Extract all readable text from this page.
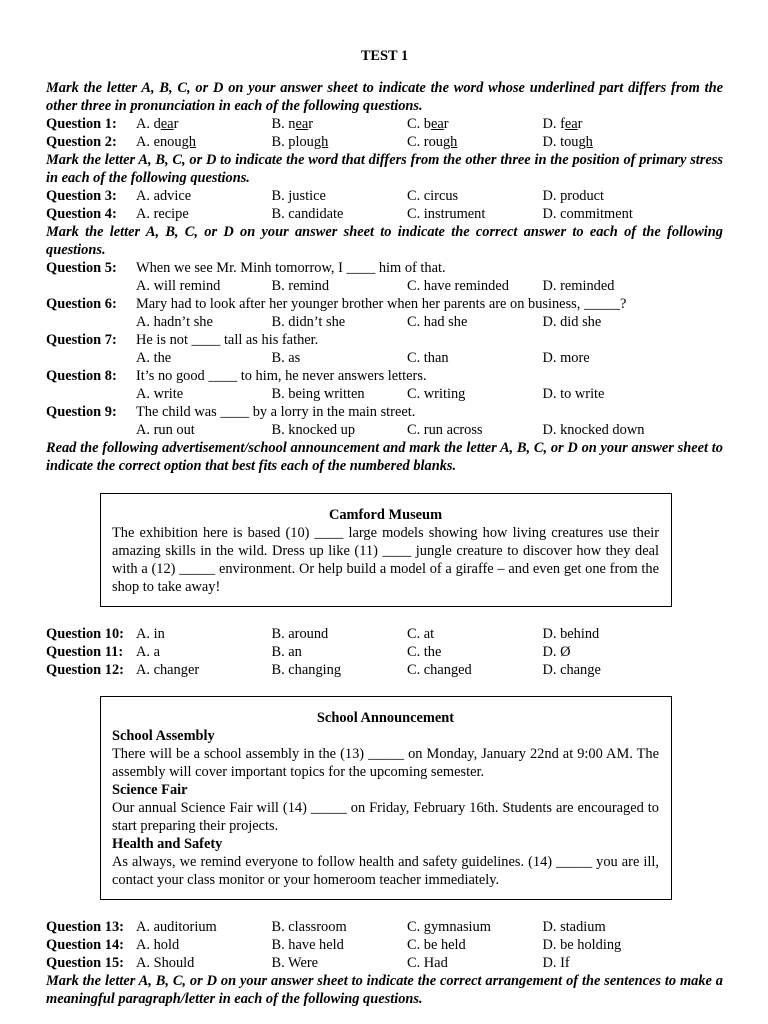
TEST 1
Mark the letter A, B, C, or D on your answer sheet to indicate the word whose underlined part differs from the other three in pronunciation in each of the following questions.
Question 1:	A. dear	B. near	C. bear	D. fear
Question 2:	A. enough	B. plough	C. rough	D. tough
Mark the letter A, B, C, or D to indicate the word that differs from the other three in the position of primary stress in each of the following questions.
Question 3:	A. advice	B. justice	C. circus	D. product
Question 4:	A. recipe	B. candidate	C. instrument	D. commitment
Mark the letter A, B, C, or D on your answer sheet to indicate the correct answer to each of the following questions.
Question 5:	When we see Mr. Minh tomorrow, I ____ him of that.
A. will remind	B. remind	C. have reminded	D. reminded
Question 6:	Mary had to look after her younger brother when her parents are on business, _____?
A. hadn’t she	B. didn’t she	C. had she	D. did she
Question 7:	He is not ____ tall as his father.
A. the	B. as	C. than	D. more
Question 8:	It’s no good ____ to him, he never answers letters.
A. write	B. being written	C. writing	D. to write
Question 9:	The child was ____ by a lorry in the main street.
A. run out	B. knocked up	C. run across	D. knocked down
Read the following advertisement/school announcement and mark the letter A, B, C, or D on your answer sheet to indicate the correct option that best fits each of the numbered blanks.
Camford Museum
The exhibition here is based (10) ____ large models showing how living creatures use their amazing skills in the wild. Dress up like (11) ____ jungle creature to discover how they deal with a (12) _____ environment. Or help build a model of a giraffe – and even get one from the shop to take away!
Question 10: A. in	B. around	C. at	D. behind
Question 11: A. a	B. an	C. the	D. Ø
Question 12: A. changer	B. changing	C. changed	D. change
School Announcement
School Assembly
There will be a school assembly in the (13) _____ on Monday, January 22nd at 9:00 AM. The assembly will cover important topics for the upcoming semester.
Science Fair
Our annual Science Fair will (14) _____ on Friday, February 16th. Students are encouraged to start preparing their projects.
Health and Safety
As always, we remind everyone to follow health and safety guidelines. (14) _____ you are ill, contact your class monitor or your homeroom teacher immediately.
Question 13: A. auditorium	B. classroom	C. gymnasium	D. stadium
Question 14: A. hold	B. have held	C. be held	D. be holding
Question 15: A. Should	B. Were	C. Had	D. If
Mark the letter A, B, C, or D on your answer sheet to indicate the correct arrangement of the sentences to make a meaningful paragraph/letter in each of the following questions.
